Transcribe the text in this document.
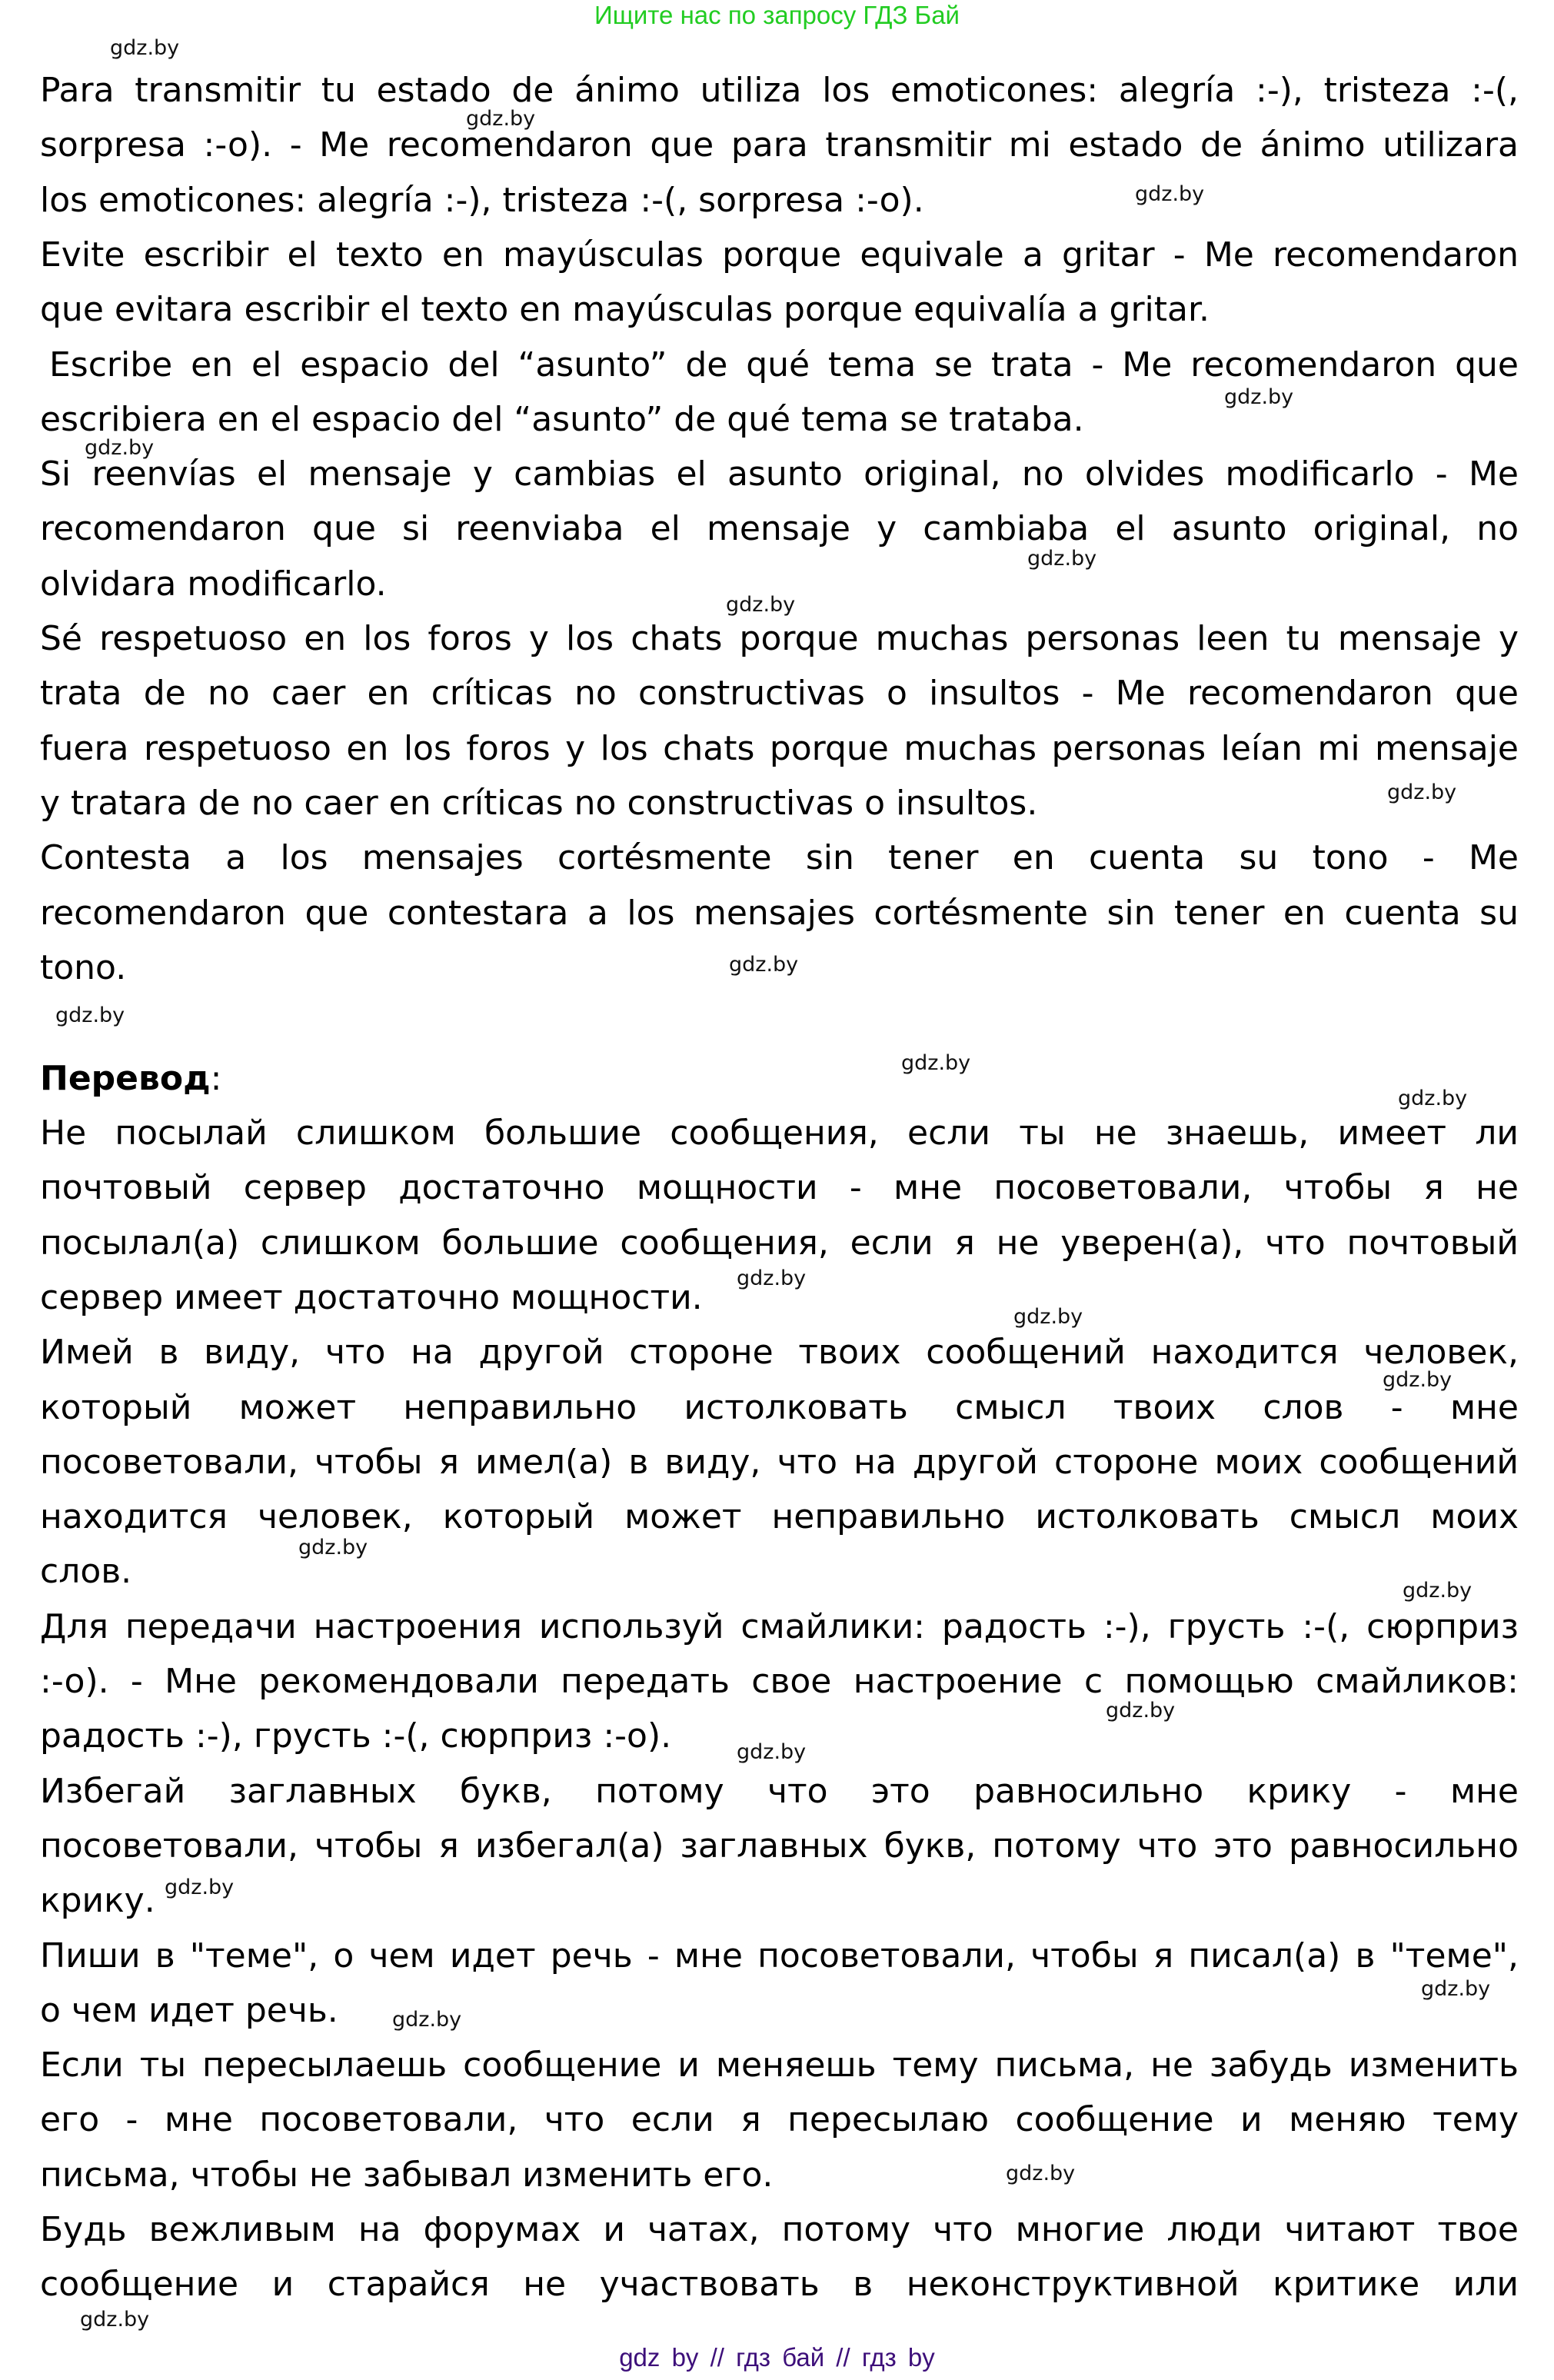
Ищите нас по запросу ГДЗ Бай
Para transmitir tu estado de ánimo utiliza los emoticones: alegría :-), tristeza :-(,
sorpresa :-o). - Me recomendaron que para transmitir mi estado de ánimo utilizara
los emoticones: alegría :-), tristeza :-(, sorpresa :-o).
Evite escribir el texto en mayúsculas porque equivale a gritar - Me recomendaron
que evitara escribir el texto en mayúsculas porque equivalía a gritar.
Escribe en el espacio del “asunto” de qué tema se trata - Me recomendaron que
escribiera en el espacio del “asunto” de qué tema se trataba.
Si reenvías el mensaje y cambias el asunto original, no olvides modificarlo - Me
recomendaron que si reenviaba el mensaje y cambiaba el asunto original, no
olvidara modificarlo.
Sé respetuoso en los foros y los chats porque muchas personas leen tu mensaje y
trata de no caer en críticas no constructivas o insultos - Me recomendaron que
fuera respetuoso en los foros y los chats porque muchas personas leían mi mensaje
y tratara de no caer en críticas no constructivas o insultos.
Contesta a los mensajes cortésmente sin tener en cuenta su tono - Me
recomendaron que contestara a los mensajes cortésmente sin tener en cuenta su
tono.
Перевод:
Не посылай слишком большие сообщения, если ты не знаешь, имеет ли
почтовый сервер достаточно мощности - мне посоветовали, чтобы я не
посылал(а) слишком большие сообщения, если я не уверен(а), что почтовый
сервер имеет достаточно мощности.
Имей в виду, что на другой стороне твоих сообщений находится человек,
который может неправильно истолковать смысл твоих слов - мне
посоветовали, чтобы я имел(а) в виду, что на другой стороне моих сообщений
находится человек, который может неправильно истолковать смысл моих
слов.
Для передачи настроения используй смайлики: радость :-), грусть :-(, сюрприз
:-o). - Мне рекомендовали передать свое настроение с помощью смайликов:
радость :-), грусть :-(, сюрприз :-o).
Избегай заглавных букв, потому что это равносильно крику - мне
посоветовали, чтобы я избегал(а) заглавных букв, потому что это равносильно
крику.
Пиши в "теме", о чем идет речь - мне посоветовали, чтобы я писал(а) в "теме",
о чем идет речь.
Если ты пересылаешь сообщение и меняешь тему письма, не забудь изменить
его - мне посоветовали, что если я пересылаю сообщение и меняю тему
письма, чтобы не забывал изменить его.
Будь вежливым на форумах и чатах, потому что многие люди читают твое
сообщение и старайся не участвовать в неконструктивной критике или
gdz.by
gdz.by
gdz.by
gdz.by
gdz.by
gdz.by
gdz.by
gdz.by
gdz.by
gdz.by
gdz.by
gdz.by
gdz.by
gdz.by
gdz.by
gdz.by
gdz.by
gdz.by
gdz.by
gdz.by
gdz.by
gdz.by
gdz.by
gdz.by
gdz by // гдз бай // гдз by
